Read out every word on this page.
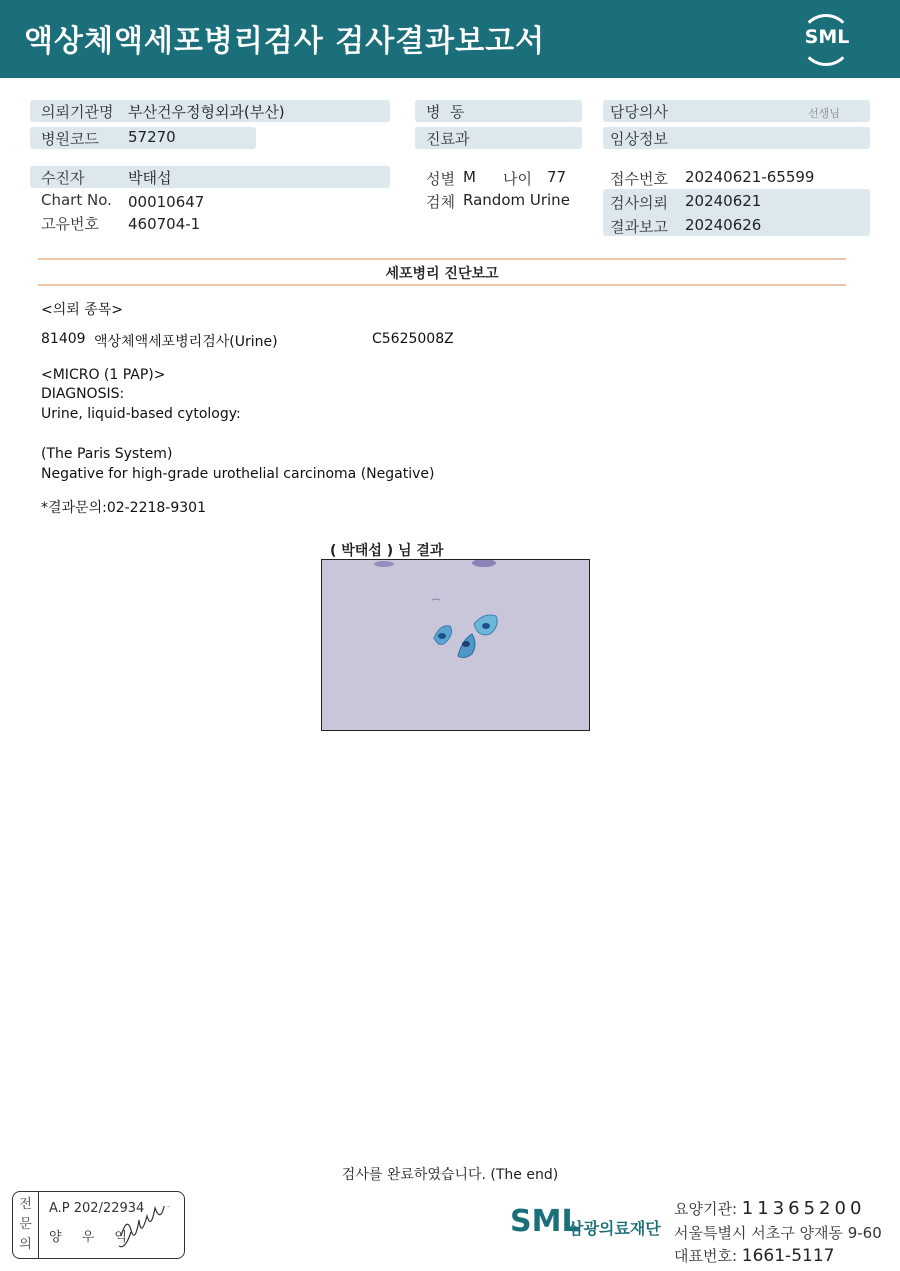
액상체액세포병리검사 검사결과보고서	SML
의뢰기관명 부산건우정형외과(부산)
병원코드 57270
수진자	박태섭
Chart No. 00010647
고유번호 460704-1
병  동
진료과
성별 M 나이 77
검체 Random Urine
담당의사	선생님
임상정보
접수번호 20240621-65599
검사의뢰 20240621
결과보고 20240626
세포병리 진단보고
<의뢰 종목>
81409 액상체액세포병리검사(Urine)	C5625008Z
<MICRO (1 PAP)>
DIAGNOSIS:
Urine, liquid-based cytology:
(The Paris System)
Negative for high-grade urothelial carcinoma (Negative)
*결과문의:02-2218-9301
( 박태섭 ) 님 결과
검사를 완료하였습니다. (The end)
전문의
A.P 202/22934
양 우 익	SML
삼광의료재단
요양기관: 11365200
서울특별시 서초구 양재동 9-60
대표번호: 1661-5117
